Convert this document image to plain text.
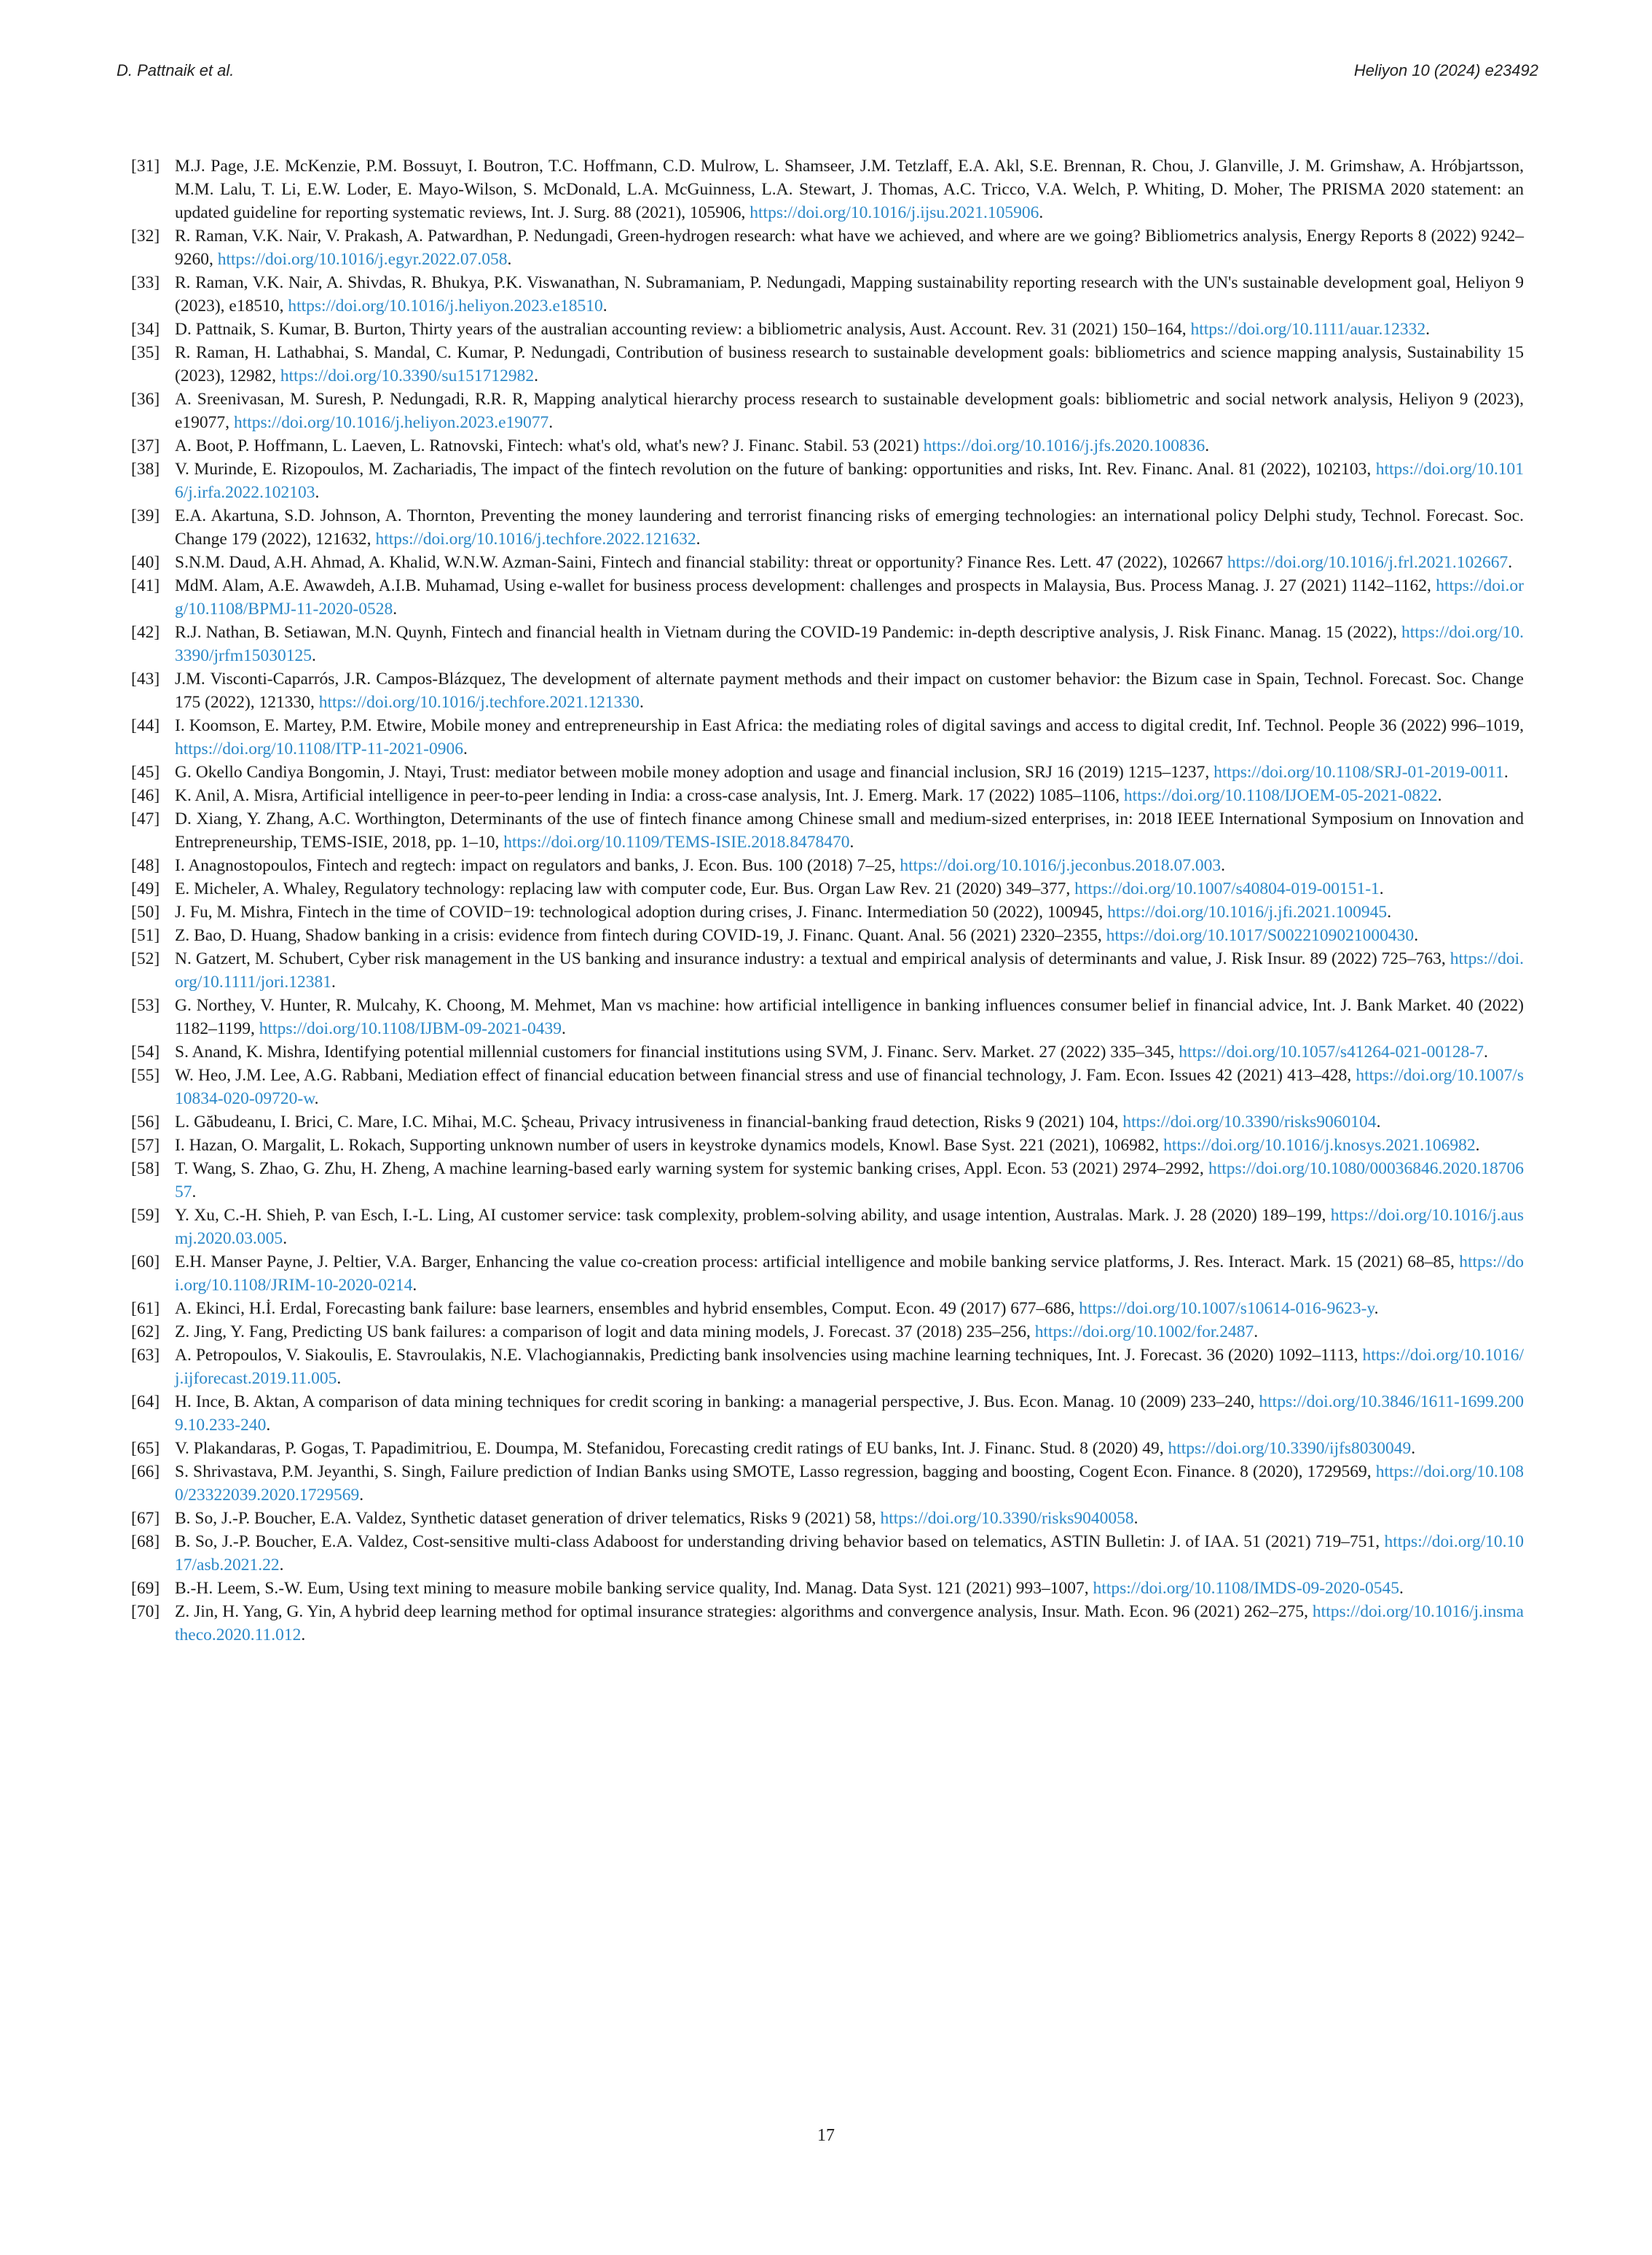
D. Pattnaik et al.	Heliyon 10 (2024) e23492
[31] M.J. Page, J.E. McKenzie, P.M. Bossuyt, I. Boutron, T.C. Hoffmann, C.D. Mulrow, L. Shamseer, J.M. Tetzlaff, E.A. Akl, S.E. Brennan, R. Chou, J. Glanville, J. M. Grimshaw, A. Hróbjartsson, M.M. Lalu, T. Li, E.W. Loder, E. Mayo-Wilson, S. McDonald, L.A. McGuinness, L.A. Stewart, J. Thomas, A.C. Tricco, V.A. Welch, P. Whiting, D. Moher, The PRISMA 2020 statement: an updated guideline for reporting systematic reviews, Int. J. Surg. 88 (2021), 105906, https://doi.org/10.1016/j.ijsu.2021.105906.
[32] R. Raman, V.K. Nair, V. Prakash, A. Patwardhan, P. Nedungadi, Green-hydrogen research: what have we achieved, and where are we going? Bibliometrics analysis, Energy Reports 8 (2022) 9242–9260, https://doi.org/10.1016/j.egyr.2022.07.058.
[33] R. Raman, V.K. Nair, A. Shivdas, R. Bhukya, P.K. Viswanathan, N. Subramaniam, P. Nedungadi, Mapping sustainability reporting research with the UN's sustainable development goal, Heliyon 9 (2023), e18510, https://doi.org/10.1016/j.heliyon.2023.e18510.
[34] D. Pattnaik, S. Kumar, B. Burton, Thirty years of the australian accounting review: a bibliometric analysis, Aust. Account. Rev. 31 (2021) 150–164, https://doi.org/10.1111/auar.12332.
[35] R. Raman, H. Lathabhai, S. Mandal, C. Kumar, P. Nedungadi, Contribution of business research to sustainable development goals: bibliometrics and science mapping analysis, Sustainability 15 (2023), 12982, https://doi.org/10.3390/su151712982.
[36] A. Sreenivasan, M. Suresh, P. Nedungadi, R.R. R, Mapping analytical hierarchy process research to sustainable development goals: bibliometric and social network analysis, Heliyon 9 (2023), e19077, https://doi.org/10.1016/j.heliyon.2023.e19077.
[37] A. Boot, P. Hoffmann, L. Laeven, L. Ratnovski, Fintech: what's old, what's new? J. Financ. Stabil. 53 (2021) https://doi.org/10.1016/j.jfs.2020.100836.
[38] V. Murinde, E. Rizopoulos, M. Zachariadis, The impact of the fintech revolution on the future of banking: opportunities and risks, Int. Rev. Financ. Anal. 81 (2022), 102103, https://doi.org/10.1016/j.irfa.2022.102103.
[39] E.A. Akartuna, S.D. Johnson, A. Thornton, Preventing the money laundering and terrorist financing risks of emerging technologies: an international policy Delphi study, Technol. Forecast. Soc. Change 179 (2022), 121632, https://doi.org/10.1016/j.techfore.2022.121632.
[40] S.N.M. Daud, A.H. Ahmad, A. Khalid, W.N.W. Azman-Saini, Fintech and financial stability: threat or opportunity? Finance Res. Lett. 47 (2022), 102667 https://doi.org/10.1016/j.frl.2021.102667.
[41] MdM. Alam, A.E. Awawdeh, A.I.B. Muhamad, Using e-wallet for business process development: challenges and prospects in Malaysia, Bus. Process Manag. J. 27 (2021) 1142–1162, https://doi.org/10.1108/BPMJ-11-2020-0528.
[42] R.J. Nathan, B. Setiawan, M.N. Quynh, Fintech and financial health in Vietnam during the COVID-19 Pandemic: in-depth descriptive analysis, J. Risk Financ. Manag. 15 (2022), https://doi.org/10.3390/jrfm15030125.
[43] J.M. Visconti-Caparrós, J.R. Campos-Blázquez, The development of alternate payment methods and their impact on customer behavior: the Bizum case in Spain, Technol. Forecast. Soc. Change 175 (2022), 121330, https://doi.org/10.1016/j.techfore.2021.121330.
[44] I. Koomson, E. Martey, P.M. Etwire, Mobile money and entrepreneurship in East Africa: the mediating roles of digital savings and access to digital credit, Inf. Technol. People 36 (2022) 996–1019, https://doi.org/10.1108/ITP-11-2021-0906.
[45] G. Okello Candiya Bongomin, J. Ntayi, Trust: mediator between mobile money adoption and usage and financial inclusion, SRJ 16 (2019) 1215–1237, https://doi.org/10.1108/SRJ-01-2019-0011.
[46] K. Anil, A. Misra, Artificial intelligence in peer-to-peer lending in India: a cross-case analysis, Int. J. Emerg. Mark. 17 (2022) 1085–1106, https://doi.org/10.1108/IJOEM-05-2021-0822.
[47] D. Xiang, Y. Zhang, A.C. Worthington, Determinants of the use of fintech finance among Chinese small and medium-sized enterprises, in: 2018 IEEE International Symposium on Innovation and Entrepreneurship, TEMS-ISIE, 2018, pp. 1–10, https://doi.org/10.1109/TEMS-ISIE.2018.8478470.
[48] I. Anagnostopoulos, Fintech and regtech: impact on regulators and banks, J. Econ. Bus. 100 (2018) 7–25, https://doi.org/10.1016/j.jeconbus.2018.07.003.
[49] E. Micheler, A. Whaley, Regulatory technology: replacing law with computer code, Eur. Bus. Organ Law Rev. 21 (2020) 349–377, https://doi.org/10.1007/s40804-019-00151-1.
[50] J. Fu, M. Mishra, Fintech in the time of COVID−19: technological adoption during crises, J. Financ. Intermediation 50 (2022), 100945, https://doi.org/10.1016/j.jfi.2021.100945.
[51] Z. Bao, D. Huang, Shadow banking in a crisis: evidence from fintech during COVID-19, J. Financ. Quant. Anal. 56 (2021) 2320–2355, https://doi.org/10.1017/S0022109021000430.
[52] N. Gatzert, M. Schubert, Cyber risk management in the US banking and insurance industry: a textual and empirical analysis of determinants and value, J. Risk Insur. 89 (2022) 725–763, https://doi.org/10.1111/jori.12381.
[53] G. Northey, V. Hunter, R. Mulcahy, K. Choong, M. Mehmet, Man vs machine: how artificial intelligence in banking influences consumer belief in financial advice, Int. J. Bank Market. 40 (2022) 1182–1199, https://doi.org/10.1108/IJBM-09-2021-0439.
[54] S. Anand, K. Mishra, Identifying potential millennial customers for financial institutions using SVM, J. Financ. Serv. Market. 27 (2022) 335–345, https://doi.org/10.1057/s41264-021-00128-7.
[55] W. Heo, J.M. Lee, A.G. Rabbani, Mediation effect of financial education between financial stress and use of financial technology, J. Fam. Econ. Issues 42 (2021) 413–428, https://doi.org/10.1007/s10834-020-09720-w.
[56] L. Găbudeanu, I. Brici, C. Mare, I.C. Mihai, M.C. Şcheau, Privacy intrusiveness in financial-banking fraud detection, Risks 9 (2021) 104, https://doi.org/10.3390/risks9060104.
[57] I. Hazan, O. Margalit, L. Rokach, Supporting unknown number of users in keystroke dynamics models, Knowl. Base Syst. 221 (2021), 106982, https://doi.org/10.1016/j.knosys.2021.106982.
[58] T. Wang, S. Zhao, G. Zhu, H. Zheng, A machine learning-based early warning system for systemic banking crises, Appl. Econ. 53 (2021) 2974–2992, https://doi.org/10.1080/00036846.2020.1870657.
[59] Y. Xu, C.-H. Shieh, P. van Esch, I.-L. Ling, AI customer service: task complexity, problem-solving ability, and usage intention, Australas. Mark. J. 28 (2020) 189–199, https://doi.org/10.1016/j.ausmj.2020.03.005.
[60] E.H. Manser Payne, J. Peltier, V.A. Barger, Enhancing the value co-creation process: artificial intelligence and mobile banking service platforms, J. Res. Interact. Mark. 15 (2021) 68–85, https://doi.org/10.1108/JRIM-10-2020-0214.
[61] A. Ekinci, H.İ. Erdal, Forecasting bank failure: base learners, ensembles and hybrid ensembles, Comput. Econ. 49 (2017) 677–686, https://doi.org/10.1007/s10614-016-9623-y.
[62] Z. Jing, Y. Fang, Predicting US bank failures: a comparison of logit and data mining models, J. Forecast. 37 (2018) 235–256, https://doi.org/10.1002/for.2487.
[63] A. Petropoulos, V. Siakoulis, E. Stavroulakis, N.E. Vlachogiannakis, Predicting bank insolvencies using machine learning techniques, Int. J. Forecast. 36 (2020) 1092–1113, https://doi.org/10.1016/j.ijforecast.2019.11.005.
[64] H. Ince, B. Aktan, A comparison of data mining techniques for credit scoring in banking: a managerial perspective, J. Bus. Econ. Manag. 10 (2009) 233–240, https://doi.org/10.3846/1611-1699.2009.10.233-240.
[65] V. Plakandaras, P. Gogas, T. Papadimitriou, E. Doumpa, M. Stefanidou, Forecasting credit ratings of EU banks, Int. J. Financ. Stud. 8 (2020) 49, https://doi.org/10.3390/ijfs8030049.
[66] S. Shrivastava, P.M. Jeyanthi, S. Singh, Failure prediction of Indian Banks using SMOTE, Lasso regression, bagging and boosting, Cogent Econ. Finance. 8 (2020), 1729569, https://doi.org/10.1080/23322039.2020.1729569.
[67] B. So, J.-P. Boucher, E.A. Valdez, Synthetic dataset generation of driver telematics, Risks 9 (2021) 58, https://doi.org/10.3390/risks9040058.
[68] B. So, J.-P. Boucher, E.A. Valdez, Cost-sensitive multi-class Adaboost for understanding driving behavior based on telematics, ASTIN Bulletin: J. of IAA. 51 (2021) 719–751, https://doi.org/10.1017/asb.2021.22.
[69] B.-H. Leem, S.-W. Eum, Using text mining to measure mobile banking service quality, Ind. Manag. Data Syst. 121 (2021) 993–1007, https://doi.org/10.1108/IMDS-09-2020-0545.
[70] Z. Jin, H. Yang, G. Yin, A hybrid deep learning method for optimal insurance strategies: algorithms and convergence analysis, Insur. Math. Econ. 96 (2021) 262–275, https://doi.org/10.1016/j.insmatheco.2020.11.012.
17
